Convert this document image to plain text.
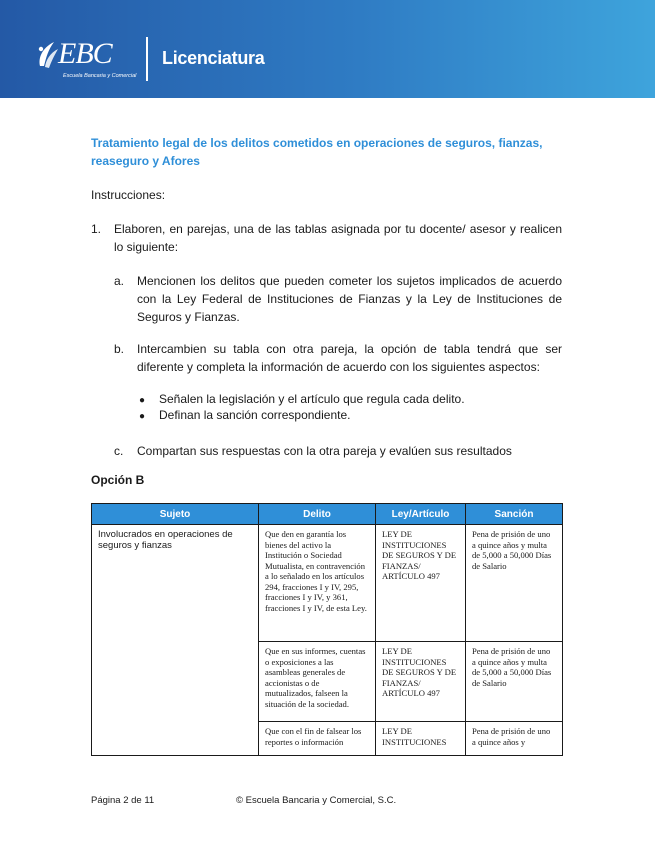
EBC
Escuela Bancaria y Comercial
Licenciatura
Tratamiento legal de los delitos cometidos en operaciones de seguros, fianzas, reaseguro y Afores
Instrucciones:
1. Elaboren, en parejas, una de las tablas asignada por tu docente/ asesor y realicen lo siguiente:
a. Mencionen los delitos que pueden cometer los sujetos implicados de acuerdo con la Ley Federal de Instituciones de Fianzas y la Ley de Instituciones de Seguros y Fianzas.
b. Intercambien su tabla con otra pareja, la opción de tabla tendrá que ser diferente y completa la información de acuerdo con los siguientes aspectos:
● Señalen la legislación y el artículo que regula cada delito.
● Definan la sanción correspondiente.
c. Compartan sus respuestas con la otra pareja y evalúen sus resultados
Opción B
Sujeto	Delito	Ley/Artículo	Sanción
Involucrados en operaciones de seguros y fianzas	Que den en garantía los bienes del activo la Institución o Sociedad Mutualista, en contravención a lo señalado en los artículos 294, fracciones I y IV, 295, fracciones I y IV, y 361, fracciones I y IV, de esta Ley.	LEY DE INSTITUCIONES DE SEGUROS Y DE FIANZAS/ ARTÍCULO 497	Pena de prisión de uno a quince años y multa de 5,000 a 50,000 Días de Salario
	Que en sus informes, cuentas o exposiciones a las asambleas generales de accionistas o de mutualizados, falseen la situación de la sociedad.	LEY DE INSTITUCIONES DE SEGUROS Y DE FIANZAS/ ARTÍCULO 497	Pena de prisión de uno a quince años y multa de 5,000 a 50,000 Días de Salario
	Que con el fin de falsear los reportes o información	LEY DE INSTITUCIONES	Pena de prisión de uno a quince años y
Página 2 de 11	© Escuela Bancaria y Comercial, S.C.
